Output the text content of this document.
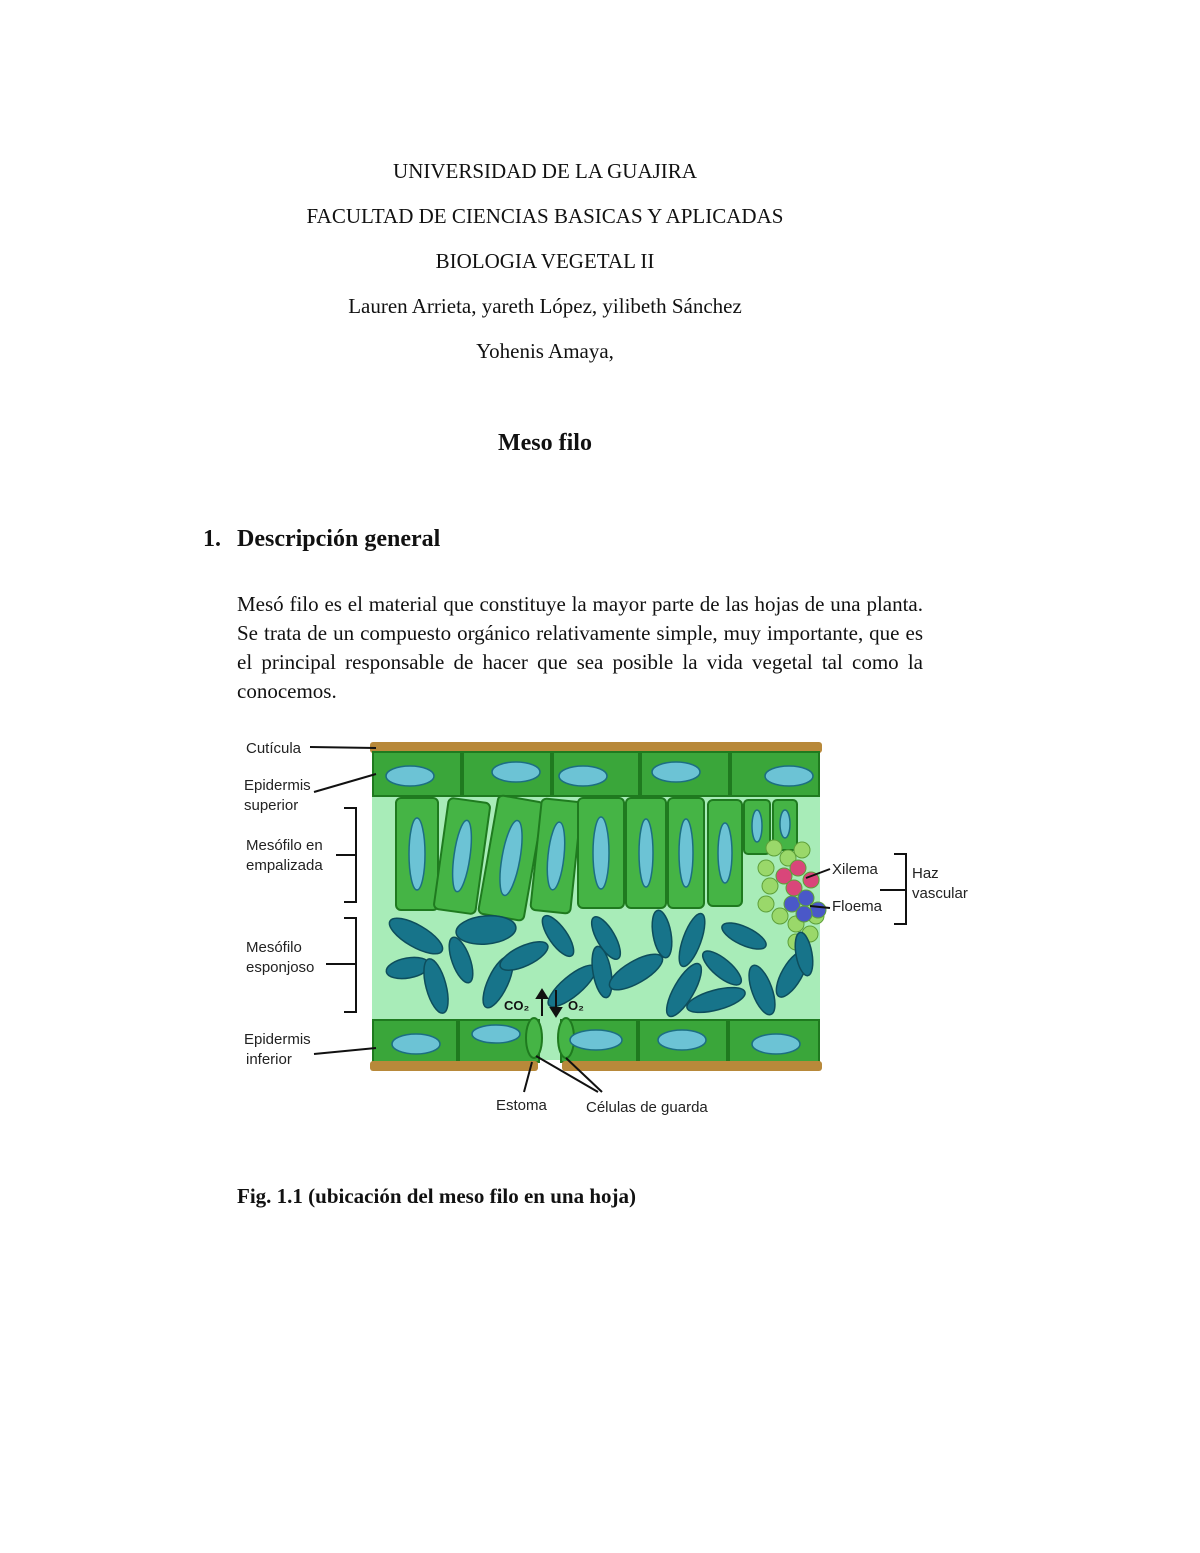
UNIVERSIDAD DE LA GUAJIRA

FACULTAD DE CIENCIAS BASICAS Y APLICADAS

BIOLOGIA VEGETAL II

Lauren Arrieta, yareth López, yilibeth Sánchez

Yohenis Amaya,

Meso filo

1. Descripción general

Mesó filo es el material que constituye la mayor parte de las hojas de una planta. Se trata de un compuesto orgánico relativamente simple, muy importante, que es el principal responsable de hacer que sea posible la vida vegetal tal como la conocemos.

CO₂	O₂
Cutícula
Epidermis
superior
Mesófilo en
empalizada
Mesófilo
esponjoso
Epidermis
inferior
Xilema
Floema
Haz
vascular
Estoma	Células de guarda

Fig. 1.1 (ubicación del meso filo en una hoja)
